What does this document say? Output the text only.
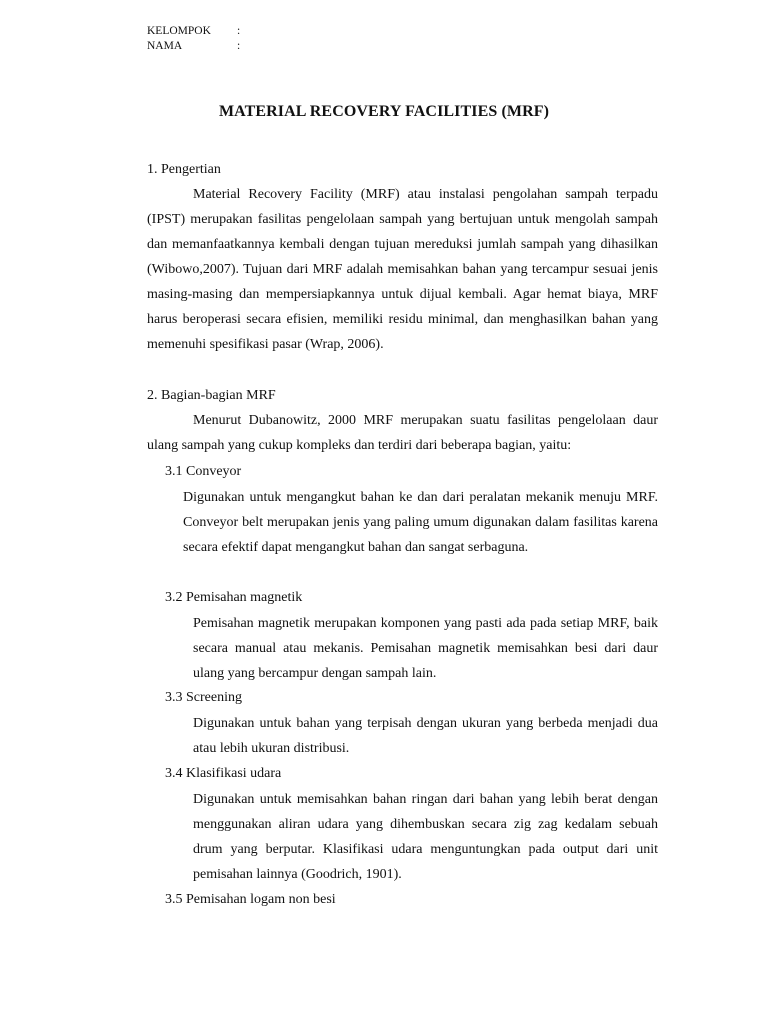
KELOMPOK	:
NAMA	:
MATERIAL RECOVERY FACILITIES (MRF)
1. Pengertian
Material Recovery Facility (MRF) atau instalasi pengolahan sampah terpadu (IPST) merupakan fasilitas pengelolaan sampah yang bertujuan untuk mengolah sampah dan memanfaatkannya kembali dengan tujuan mereduksi jumlah sampah yang dihasilkan (Wibowo,2007). Tujuan dari MRF adalah memisahkan bahan yang tercampur sesuai jenis masing-masing dan mempersiapkannya untuk dijual kembali. Agar hemat biaya, MRF harus beroperasi secara efisien, memiliki residu minimal, dan menghasilkan bahan yang memenuhi spesifikasi pasar (Wrap, 2006).
2. Bagian-bagian MRF
Menurut Dubanowitz, 2000 MRF merupakan suatu fasilitas pengelolaan daur ulang sampah yang cukup kompleks dan terdiri dari beberapa bagian, yaitu:
3.1 Conveyor
Digunakan untuk mengangkut bahan ke dan dari peralatan mekanik menuju MRF. Conveyor belt merupakan jenis yang paling umum digunakan dalam fasilitas karena secara efektif dapat mengangkut bahan dan sangat serbaguna.
3.2 Pemisahan magnetik
Pemisahan magnetik merupakan komponen yang pasti ada pada setiap MRF, baik secara manual atau mekanis. Pemisahan magnetik memisahkan besi dari daur ulang yang bercampur dengan sampah lain.
3.3 Screening
Digunakan untuk bahan yang terpisah dengan ukuran yang berbeda menjadi dua atau lebih ukuran distribusi.
3.4 Klasifikasi udara
Digunakan untuk memisahkan bahan ringan dari bahan yang lebih berat dengan menggunakan aliran udara yang dihembuskan secara zig zag kedalam sebuah drum yang berputar. Klasifikasi udara menguntungkan pada output dari unit pemisahan lainnya (Goodrich, 1901).
3.5 Pemisahan logam non besi
